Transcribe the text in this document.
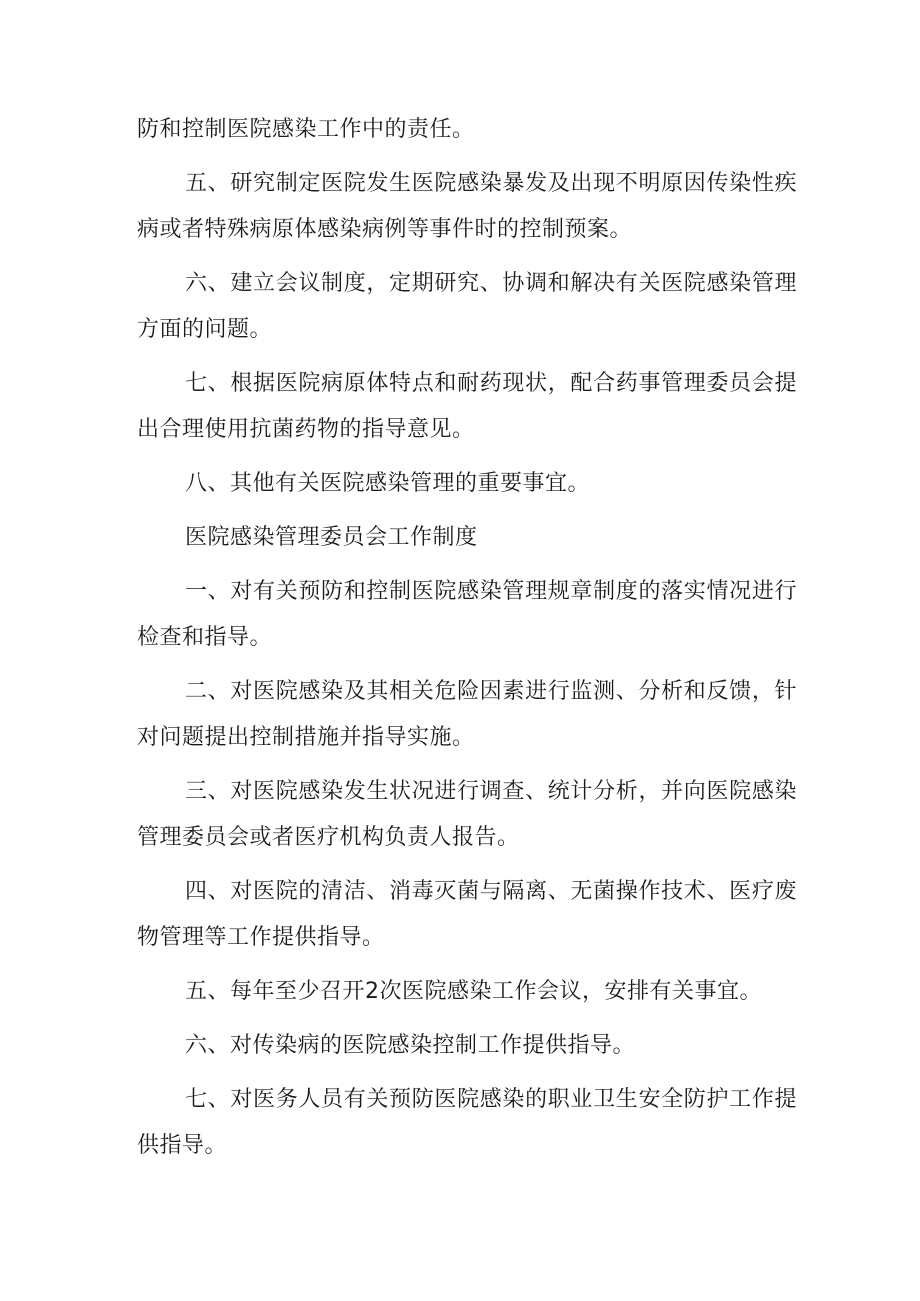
防和控制医院感染工作中的责任。

五、研究制定医院发生医院感染暴发及出现不明原因传染性疾病或者特殊病原体感染病例等事件时的控制预案。

六、建立会议制度，定期研究、协调和解决有关医院感染管理方面的问题。

七、根据医院病原体特点和耐药现状，配合药事管理委员会提出合理使用抗菌药物的指导意见。

八、其他有关医院感染管理的重要事宜。

医院感染管理委员会工作制度

一、对有关预防和控制医院感染管理规章制度的落实情况进行检查和指导。

二、对医院感染及其相关危险因素进行监测、分析和反馈，针对问题提出控制措施并指导实施。

三、对医院感染发生状况进行调查、统计分析，并向医院感染管理委员会或者医疗机构负责人报告。

四、对医院的清洁、消毒灭菌与隔离、无菌操作技术、医疗废物管理等工作提供指导。

五、每年至少召开2次医院感染工作会议，安排有关事宜。

六、对传染病的医院感染控制工作提供指导。

七、对医务人员有关预防医院感染的职业卫生安全防护工作提供指导。
